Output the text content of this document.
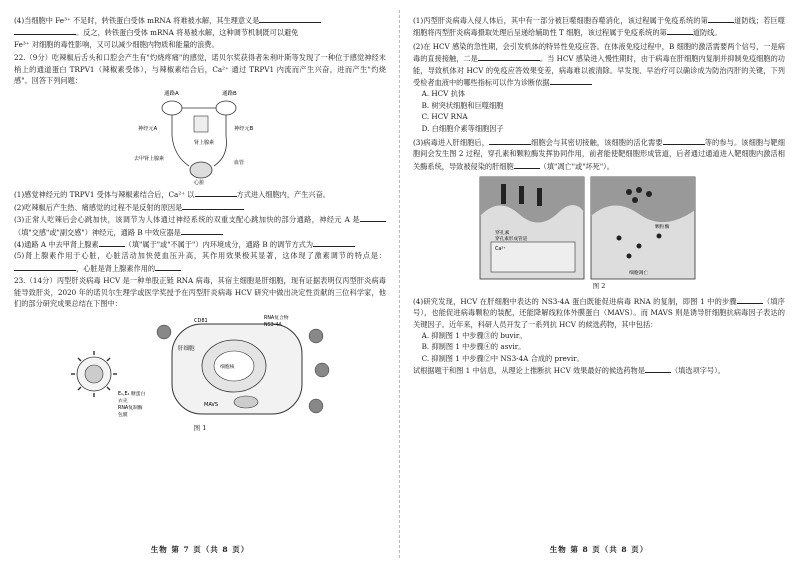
(4)当细胞中 Fe³⁺ 不足时，转铁蛋白受体 mRNA 将难被水解，其生理意义是

。反之，转铁蛋白受体 mRNA 将易被水解，这种调节机制既可以避免

Fe³⁺ 对细胞的毒性影响，又可以减少细胞内物质和能量的浪费。

22.（9分）吃辣椒后舌头和口腔会产生有"灼烧疼痛"的感觉，诺贝尔奖获得者朱利叶斯等发现了一种位于感觉神经末梢上的通道蛋白 TRPV1（辣椒素受体），与辣椒素结合后，Ca²⁺ 通过 TRPV1 内流而产生兴奋，进而产生"灼烧感"。回答下列问题：

通路A	通路B
神经元A	神经元B
肾上腺素
心脏
去甲肾上腺素
血管

(1)感觉神经元的 TRPV1 受体与辣椒素结合后，Ca²⁺ 以	方式进入细胞内，产生兴奋。

(2)吃辣椒后产生热、痛感觉的过程不是反射的原因是

(3)正常人吃辣后会心跳加快，该调节为人体通过神经系统的双重支配心跳加快的部分通路，神经元 A 是（填"交感"或"副交感"）神经元，通路 B 中效应器是

(4)通路 A 中去甲肾上腺素	（填"属于"或"不属于"）内环境成分，通路 B 的调节方式为

(5)肾上腺素作用于心脏，心脏活动加快使血压升高，其作用效果极其显著，这体现了激素调节的特点是：，心脏是肾上腺素作用的

23.（14分）丙型肝炎病毒 HCV 是一种单股正链 RNA 病毒，其宿主细胞是肝细胞，现有证据表明仅丙型肝炎病毒能导致肝炎，2020 年的诺贝尔生理学或医学奖授予在丙型肝炎病毒 HCV 研究中做出决定性贡献的三位科学家，他们的部分研究成果总结在下图中：

E₁,E₂ 糖蛋白
衣壳
RNA复制酶
包膜
肝细胞
细胞核
CD81	RNA复合物
NS3-4A
MAVS
图 1

(1)丙型肝炎病毒入侵人体后，其中有一部分被巨噬细胞吞噬消化，该过程属于免疫系统的第	道防线；若巨噬细胞将丙型肝炎病毒摄取处理后呈递给辅助性 T 细胞，该过程属于免疫系统的第	道防线。

(2)在 HCV 感染的急性期，会引发机体的特异性免疫应答。在体液免疫过程中，B 细胞的激活需要两个信号，一是病毒的直接接触，二是	。当 HCV 感染进入慢性期时，由于病毒在肝细胞内复制并抑制免疫细胞的功能，导致机体对 HCV 的免疫应答效果变差，病毒难以被清除。早发现、早治疗可以确诊成为防治丙肝的关键，下列受检者血液中的哪些指标可以作为诊断依据

A. HCV 抗体

B. 树突状细胞和巨噬细胞

C. HCV RNA

D. 白细胞介素等细胞因子

(3)病毒进入肝细胞后，	细胞会与其密切接触，该细胞的活化需要	等的参与。该细胞与靶细胞间会发生图 2 过程，穿孔素和颗粒酶发挥协同作用，前者能使靶细胞形成管道，后者通过通道进入靶细胞内激活相关酶系统，导致被侵染的肝细胞	（填"凋亡"或"坏死"）。

穿孔素
穿孔素形成管道
Ca²⁺
颗粒酶
细胞凋亡
图 2

(4)研究发现，HCV 在肝细胞中表达的 NS3-4A 蛋白既能促进病毒 RNA 的复制，即图 1 中的步骤	（填序号），也能促进病毒颗粒的装配，还能降解线粒体外膜蛋白（MAVS）。而 MAVS 则是诱导肝细胞抗病毒因子表达的关键因子。近年来，科研人员开发了一系列抗 HCV 的候选药物，其中包括：

A. 抑制图 1 中步骤③的 buvir。

B. 抑制图 1 中步骤④的 asvir。

C. 抑制图 1 中步骤②中 NS3-4A 合成的 previr。

试根据题干和图 1 中信息，从理论上推断抗 HCV 效果最好的候选药物是	（填选项字号）。

生物 第 7 页（共 8 页）	生物 第 8 页（共 8 页）
